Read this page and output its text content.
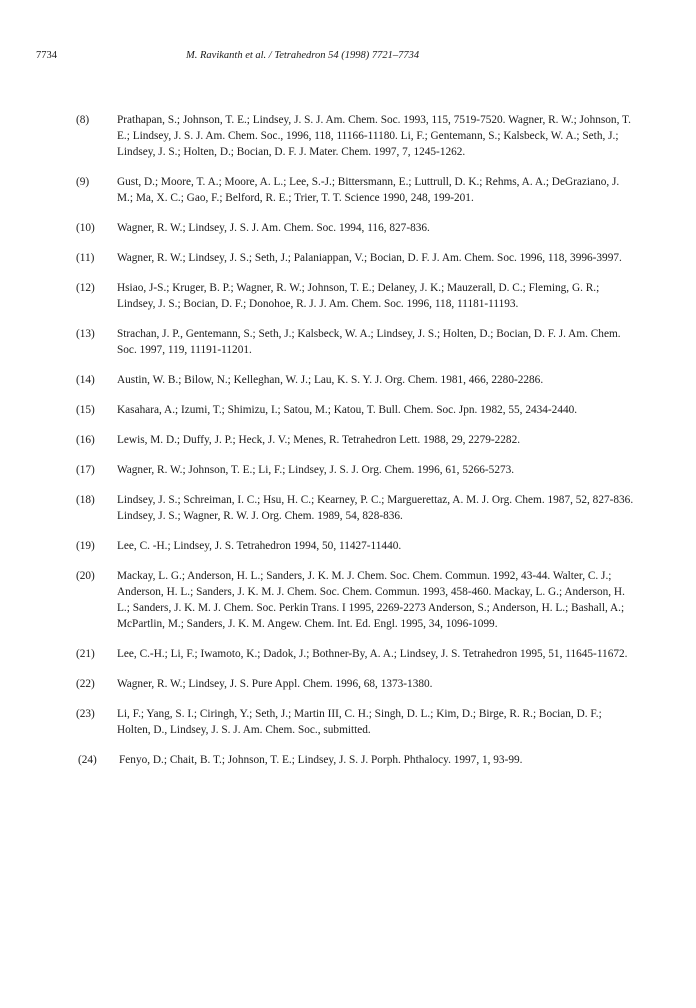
7734	M. Ravikanth et al. / Tetrahedron 54 (1998) 7721–7734
(8) Prathapan, S.; Johnson, T. E.; Lindsey, J. S. J. Am. Chem. Soc. 1993, 115, 7519-7520. Wagner, R. W.; Johnson, T. E.; Lindsey, J. S. J. Am. Chem. Soc., 1996, 118, 11166-11180. Li, F.; Gentemann, S.; Kalsbeck, W. A.; Seth, J.; Lindsey, J. S.; Holten, D.; Bocian, D. F. J. Mater. Chem. 1997, 7, 1245-1262.
(9) Gust, D.; Moore, T. A.; Moore, A. L.; Lee, S.-J.; Bittersmann, E.; Luttrull, D. K.; Rehms, A. A.; DeGraziano, J. M.; Ma, X. C.; Gao, F.; Belford, R. E.; Trier, T. T. Science 1990, 248, 199-201.
(10) Wagner, R. W.; Lindsey, J. S. J. Am. Chem. Soc. 1994, 116, 827-836.
(11) Wagner, R. W.; Lindsey, J. S.; Seth, J.; Palaniappan, V.; Bocian, D. F. J. Am. Chem. Soc. 1996, 118, 3996-3997.
(12) Hsiao, J-S.; Kruger, B. P.; Wagner, R. W.; Johnson, T. E.; Delaney, J. K.; Mauzerall, D. C.; Fleming, G. R.; Lindsey, J. S.; Bocian, D. F.; Donohoe, R. J. J. Am. Chem. Soc. 1996, 118, 11181-11193.
(13) Strachan, J. P., Gentemann, S.; Seth, J.; Kalsbeck, W. A.; Lindsey, J. S.; Holten, D.; Bocian, D. F. J. Am. Chem. Soc. 1997, 119, 11191-11201.
(14) Austin, W. B.; Bilow, N.; Kelleghan, W. J.; Lau, K. S. Y. J. Org. Chem. 1981, 466, 2280-2286.
(15) Kasahara, A.; Izumi, T.; Shimizu, I.; Satou, M.; Katou, T. Bull. Chem. Soc. Jpn. 1982, 55, 2434-2440.
(16) Lewis, M. D.; Duffy, J. P.; Heck, J. V.; Menes, R. Tetrahedron Lett. 1988, 29, 2279-2282.
(17) Wagner, R. W.; Johnson, T. E.; Li, F.; Lindsey, J. S. J. Org. Chem. 1996, 61, 5266-5273.
(18) Lindsey, J. S.; Schreiman, I. C.; Hsu, H. C.; Kearney, P. C.; Marguerettaz, A. M. J. Org. Chem. 1987, 52, 827-836. Lindsey, J. S.; Wagner, R. W. J. Org. Chem. 1989, 54, 828-836.
(19) Lee, C. -H.; Lindsey, J. S. Tetrahedron 1994, 50, 11427-11440.
(20) Mackay, L. G.; Anderson, H. L.; Sanders, J. K. M. J. Chem. Soc. Chem. Commun. 1992, 43-44. Walter, C. J.; Anderson, H. L.; Sanders, J. K. M. J. Chem. Soc. Chem. Commun. 1993, 458-460. Mackay, L. G.; Anderson, H. L.; Sanders, J. K. M. J. Chem. Soc. Perkin Trans. I 1995, 2269-2273 Anderson, S.; Anderson, H. L.; Bashall, A.; McPartlin, M.; Sanders, J. K. M. Angew. Chem. Int. Ed. Engl. 1995, 34, 1096-1099.
(21) Lee, C.-H.; Li, F.; Iwamoto, K.; Dadok, J.; Bothner-By, A. A.; Lindsey, J. S. Tetrahedron 1995, 51, 11645-11672.
(22) Wagner, R. W.; Lindsey, J. S. Pure Appl. Chem. 1996, 68, 1373-1380.
(23) Li, F.; Yang, S. I.; Ciringh, Y.; Seth, J.; Martin III, C. H.; Singh, D. L.; Kim, D.; Birge, R. R.; Bocian, D. F.; Holten, D., Lindsey, J. S. J. Am. Chem. Soc., submitted.
(24) Fenyo, D.; Chait, B. T.; Johnson, T. E.; Lindsey, J. S. J. Porph. Phthalocy. 1997, 1, 93-99.
